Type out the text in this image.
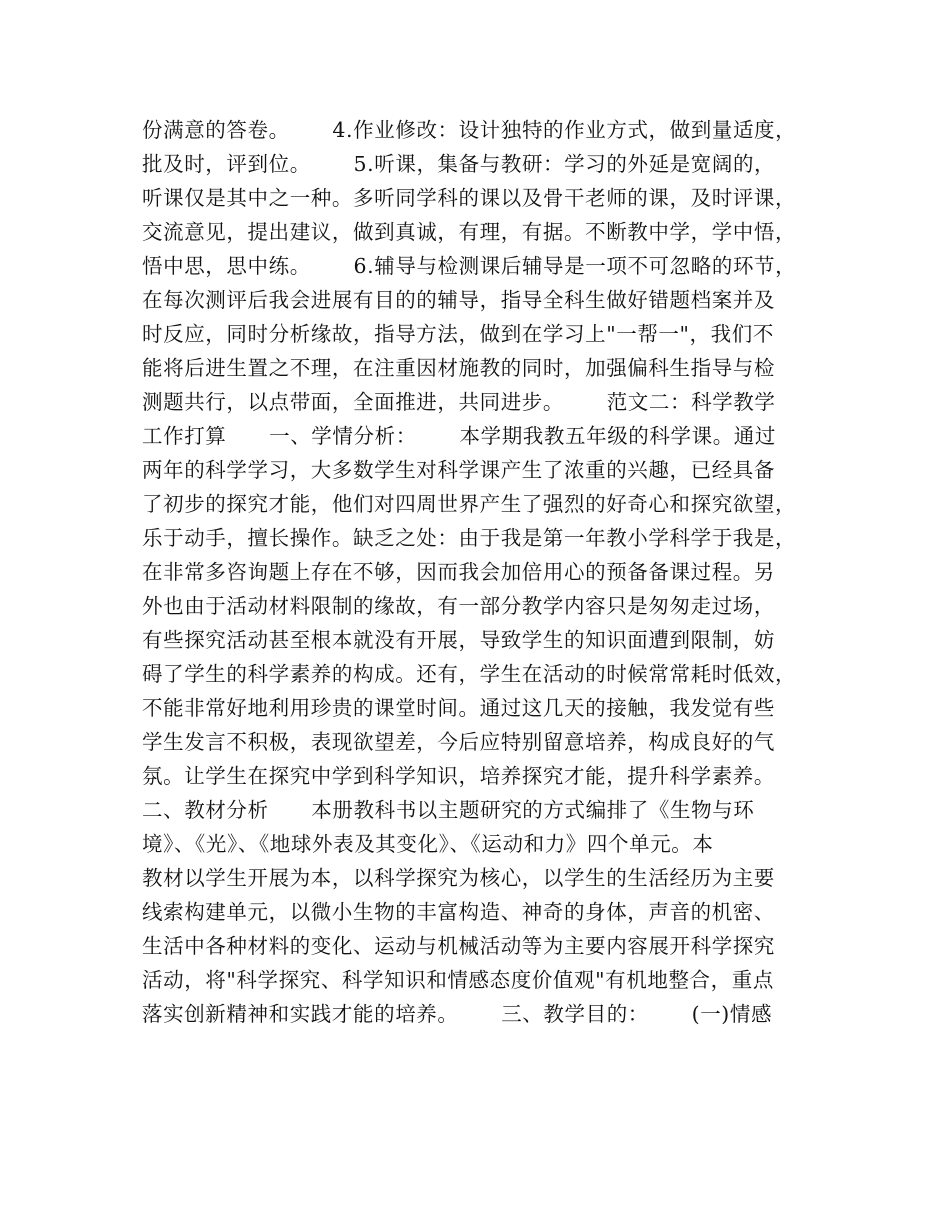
份满意的答卷。      4.作业修改：设计独特的作业方式，做到量适度，
批及时，评到位。      5.听课，集备与教研：学习的外延是宽阔的，
听课仅是其中之一种。多听同学科的课以及骨干老师的课，及时评课，
交流意见，提出建议，做到真诚，有理，有据。不断教中学，学中悟，
悟中思，思中练。      6.辅导与检测课后辅导是一项不可忽略的环节，
在每次测评后我会进展有目的的辅导，指导全科生做好错题档案并及
时反应，同时分析缘故，指导方法，做到在学习上"一帮一"，我们不
能将后进生置之不理，在注重因材施教的同时，加强偏科生指导与检
测题共行，以点带面，全面推进，共同进步。      范文二：科学教学
工作打算      一、学情分析：      本学期我教五年级的科学课。通过
两年的科学学习，大多数学生对科学课产生了浓重的兴趣，已经具备
了初步的探究才能，他们对四周世界产生了强烈的好奇心和探究欲望，
乐于动手，擅长操作。缺乏之处：由于我是第一年教小学科学于我是，
在非常多咨询题上存在不够，因而我会加倍用心的预备备课过程。另
外也由于活动材料限制的缘故，有一部分教学内容只是匆匆走过场，
有些探究活动甚至根本就没有开展，导致学生的知识面遭到限制，妨
碍了学生的科学素养的构成。还有，学生在活动的时候常常耗时低效，
不能非常好地利用珍贵的课堂时间。通过这几天的接触，我发觉有些
学生发言不积极，表现欲望差，今后应特别留意培养，构成良好的气
氛。让学生在探究中学到科学知识，培养探究才能，提升科学素养。
二、教材分析      本册教科书以主题研究的方式编排了《生物与环
境》、《光》、《地球外表及其变化》、《运动和力》四个单元。本
教材以学生开展为本，以科学探究为核心，以学生的生活经历为主要
线索构建单元，以微小生物的丰富构造、神奇的身体，声音的机密、
生活中各种材料的变化、运动与机械活动等为主要内容展开科学探究
活动，将"科学探究、科学知识和情感态度价值观"有机地整合，重点
落实创新精神和实践才能的培养。      三、教学目的：      (一)情感
